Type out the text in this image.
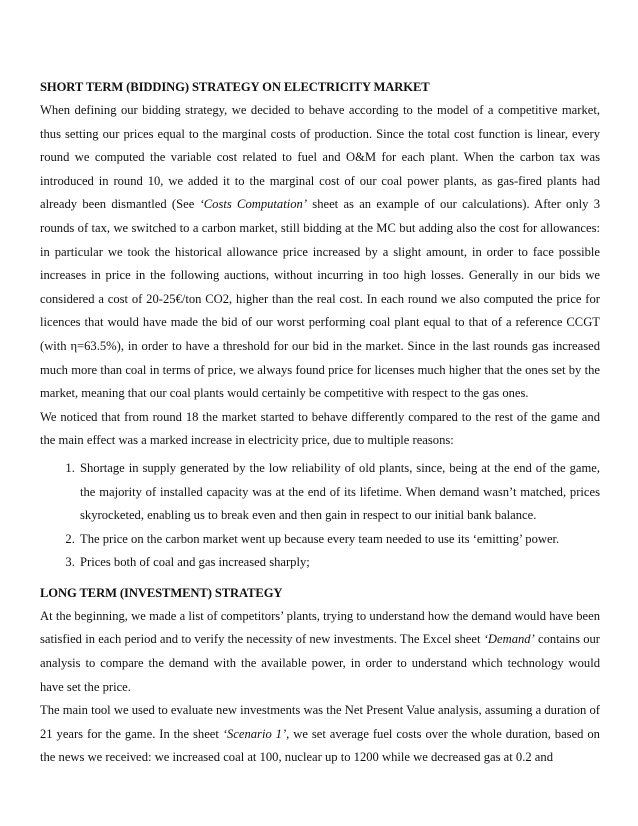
SHORT TERM (BIDDING) STRATEGY ON ELECTRICITY MARKET

When defining our bidding strategy, we decided to behave according to the model of a competitive market, thus setting our prices equal to the marginal costs of production. Since the total cost function is linear, every round we computed the variable cost related to fuel and O&M for each plant. When the carbon tax was introduced in round 10, we added it to the marginal cost of our coal power plants, as gas-fired plants had already been dismantled (See ‘Costs Computation’ sheet as an example of our calculations). After only 3 rounds of tax, we switched to a carbon market, still bidding at the MC but adding also the cost for allowances: in particular we took the historical allowance price increased by a slight amount, in order to face possible increases in price in the following auctions, without incurring in too high losses. Generally in our bids we considered a cost of 20-25€/ton CO2, higher than the real cost. In each round we also computed the price for licences that would have made the bid of our worst performing coal plant equal to that of a reference CCGT (with η=63.5%), in order to have a threshold for our bid in the market. Since in the last rounds gas increased much more than coal in terms of price, we always found price for licenses much higher that the ones set by the market, meaning that our coal plants would certainly be competitive with respect to the gas ones.

We noticed that from round 18 the market started to behave differently compared to the rest of the game and the main effect was a marked increase in electricity price, due to multiple reasons:

1. Shortage in supply generated by the low reliability of old plants, since, being at the end of the game, the majority of installed capacity was at the end of its lifetime. When demand wasn’t matched, prices skyrocketed, enabling us to break even and then gain in respect to our initial bank balance.
2. The price on the carbon market went up because every team needed to use its ‘emitting’ power.
3. Prices both of coal and gas increased sharply;
LONG TERM (INVESTMENT) STRATEGY

At the beginning, we made a list of competitors’ plants, trying to understand how the demand would have been satisfied in each period and to verify the necessity of new investments. The Excel sheet ‘Demand’ contains our analysis to compare the demand with the available power, in order to understand which technology would have set the price.

The main tool we used to evaluate new investments was the Net Present Value analysis, assuming a duration of 21 years for the game. In the sheet ‘Scenario 1’, we set average fuel costs over the whole duration, based on the news we received: we increased coal at 100, nuclear up to 1200 while we decreased gas at 0.2 and
